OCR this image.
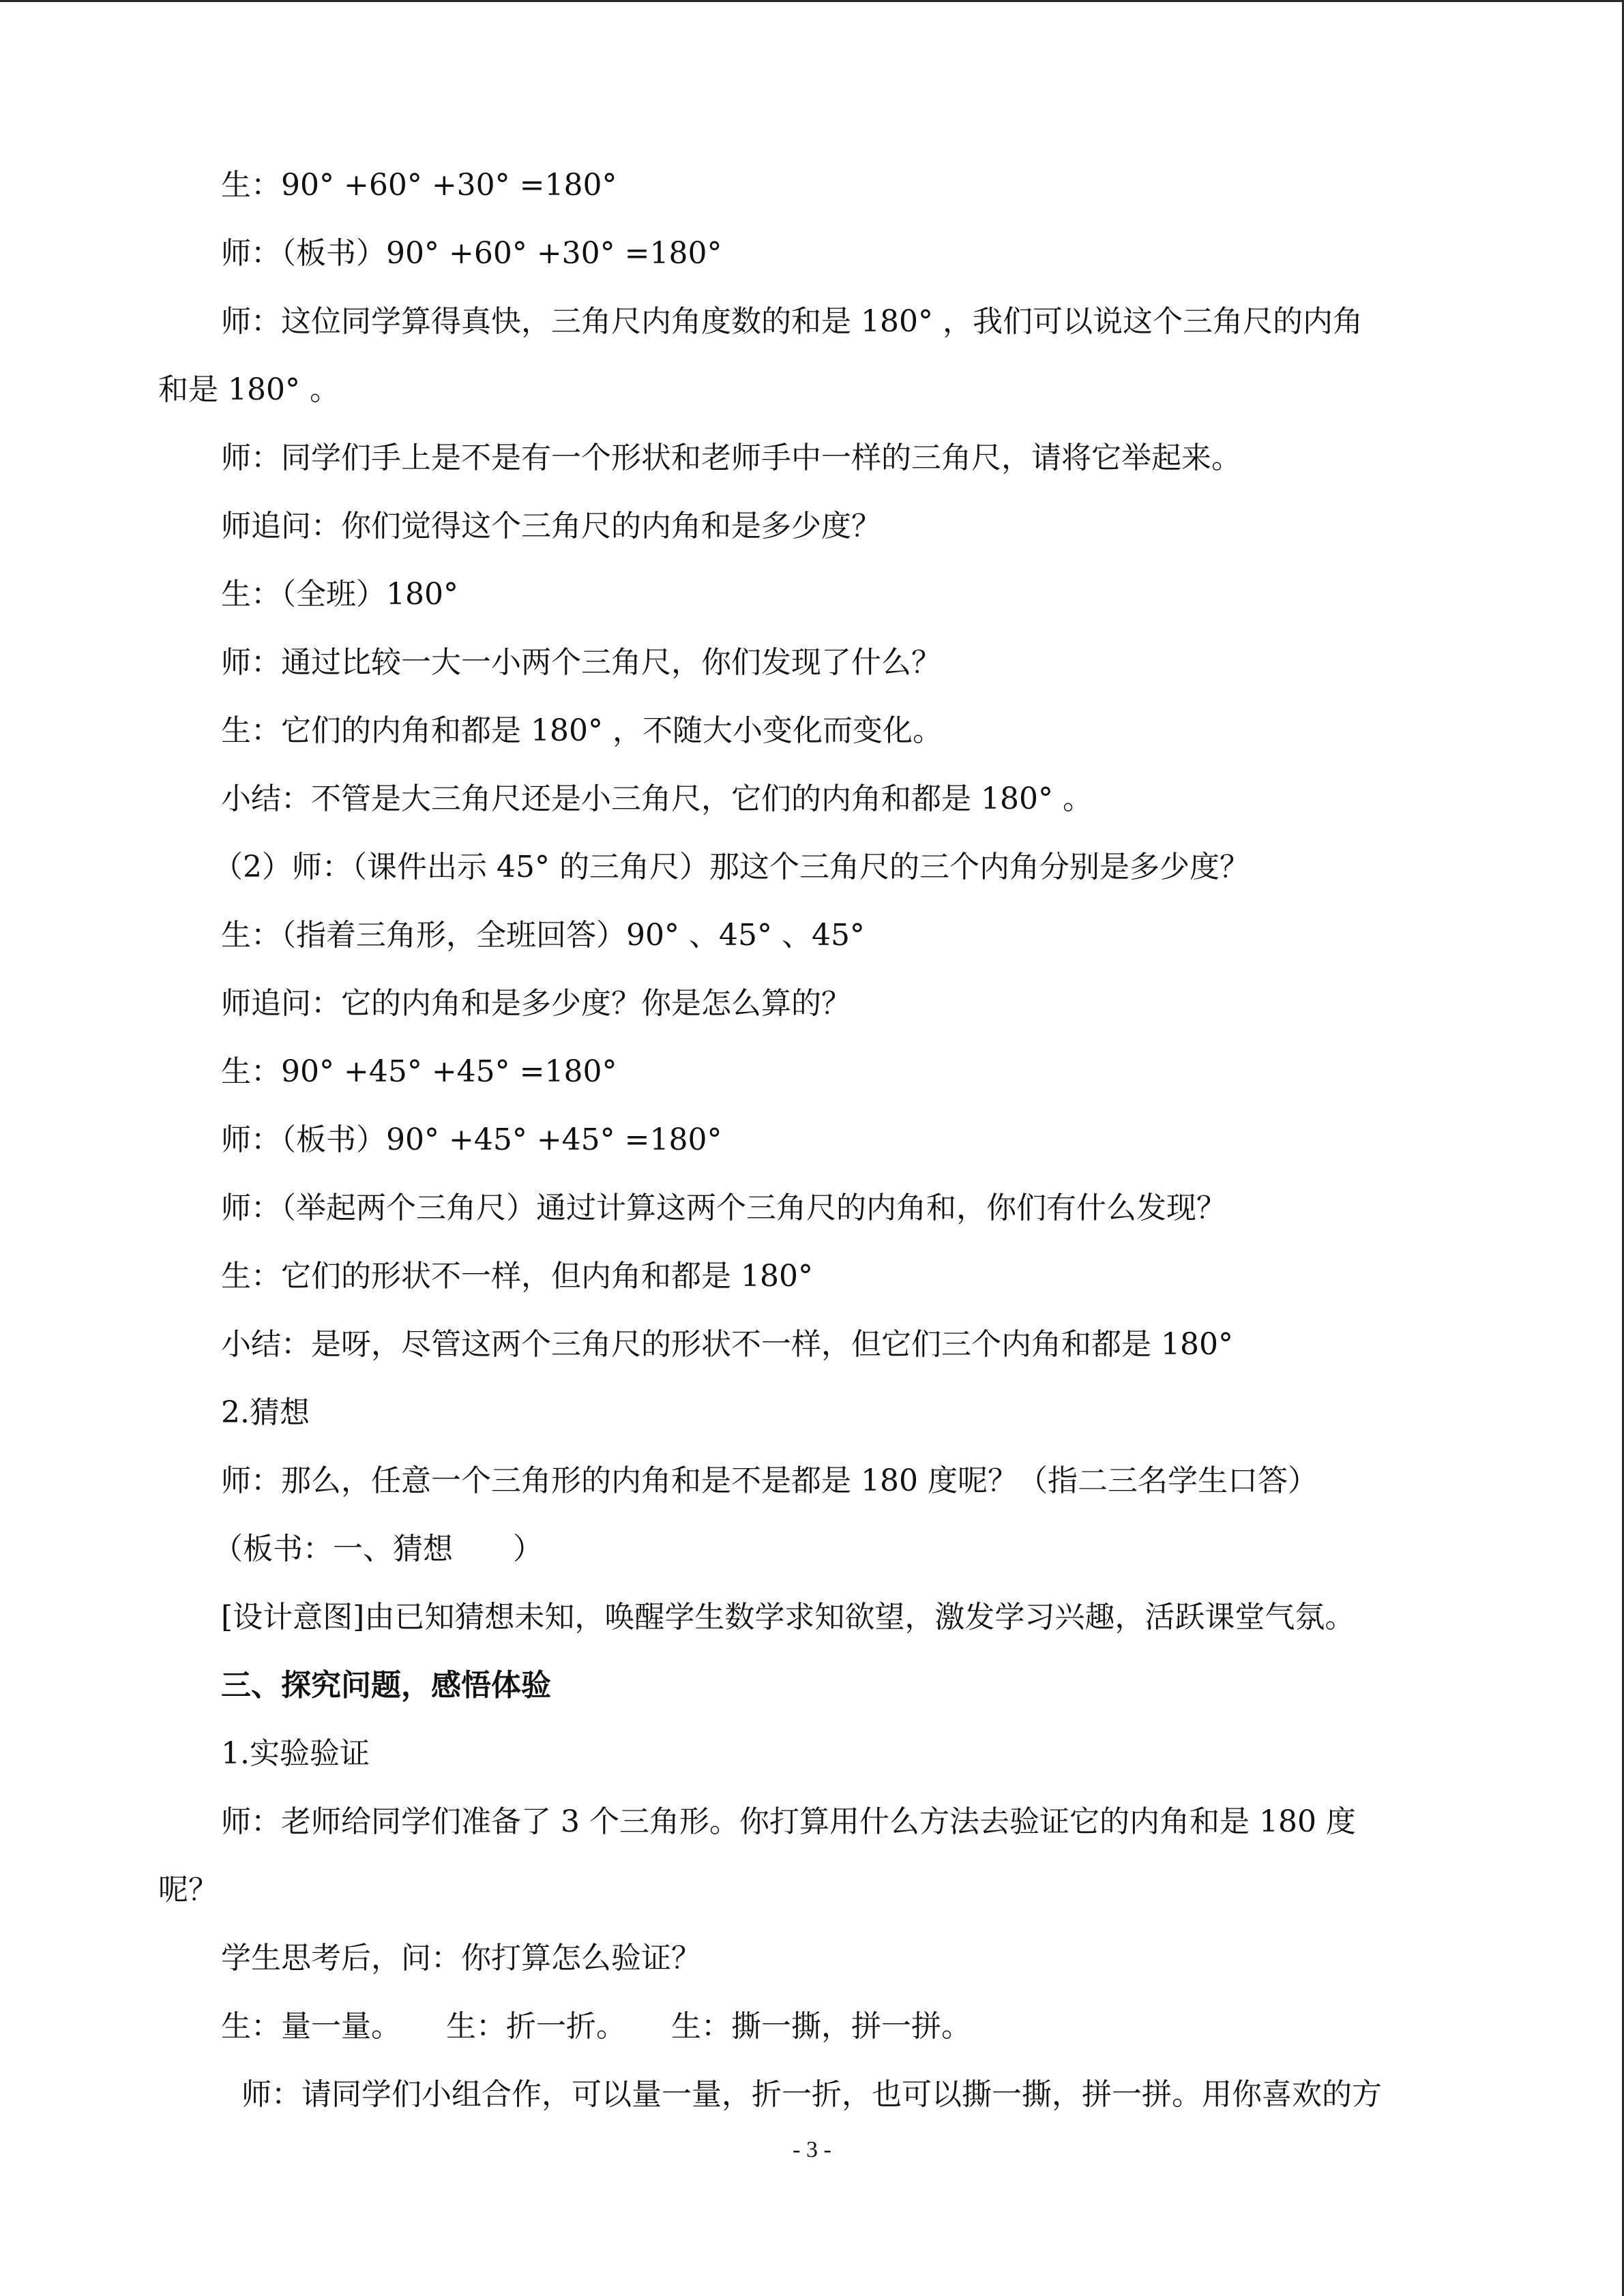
生：90° +60° +30° =180°
师：（板书）90° +60° +30° =180°
师：这位同学算得真快，三角尺内角度数的和是 180° ，我们可以说这个三角尺的内角
和是 180° 。
师：同学们手上是不是有一个形状和老师手中一样的三角尺，请将它举起来。
师追问：你们觉得这个三角尺的内角和是多少度？
生：（全班）180°
师：通过比较一大一小两个三角尺，你们发现了什么？
生：它们的内角和都是 180° ，不随大小变化而变化。
小结：不管是大三角尺还是小三角尺，它们的内角和都是 180° 。
（2）师：（课件出示 45° 的三角尺）那这个三角尺的三个内角分别是多少度？
生：（指着三角形，全班回答）90° 、45° 、45°
师追问：它的内角和是多少度？你是怎么算的？
生：90° +45° +45° =180°
师：（板书）90° +45° +45° =180°
师：（举起两个三角尺）通过计算这两个三角尺的内角和，你们有什么发现？
生：它们的形状不一样，但内角和都是 180°
小结：是呀，尽管这两个三角尺的形状不一样，但它们三个内角和都是 180°
2.猜想
师：那么，任意一个三角形的内角和是不是都是 180 度呢？（指二三名学生口答）
（板书：一、猜想　　）
[设计意图]由已知猜想未知，唤醒学生数学求知欲望，激发学习兴趣，活跃课堂气氛。
三、探究问题，感悟体验
1.实验验证
师：老师给同学们准备了 3 个三角形。你打算用什么方法去验证它的内角和是 180 度
呢？
学生思考后，问：你打算怎么验证？
生：量一量。　　生：折一折。　　生：撕一撕，拼一拼。
师：请同学们小组合作，可以量一量，折一折，也可以撕一撕，拼一拼。用你喜欢的方
- 3 -
